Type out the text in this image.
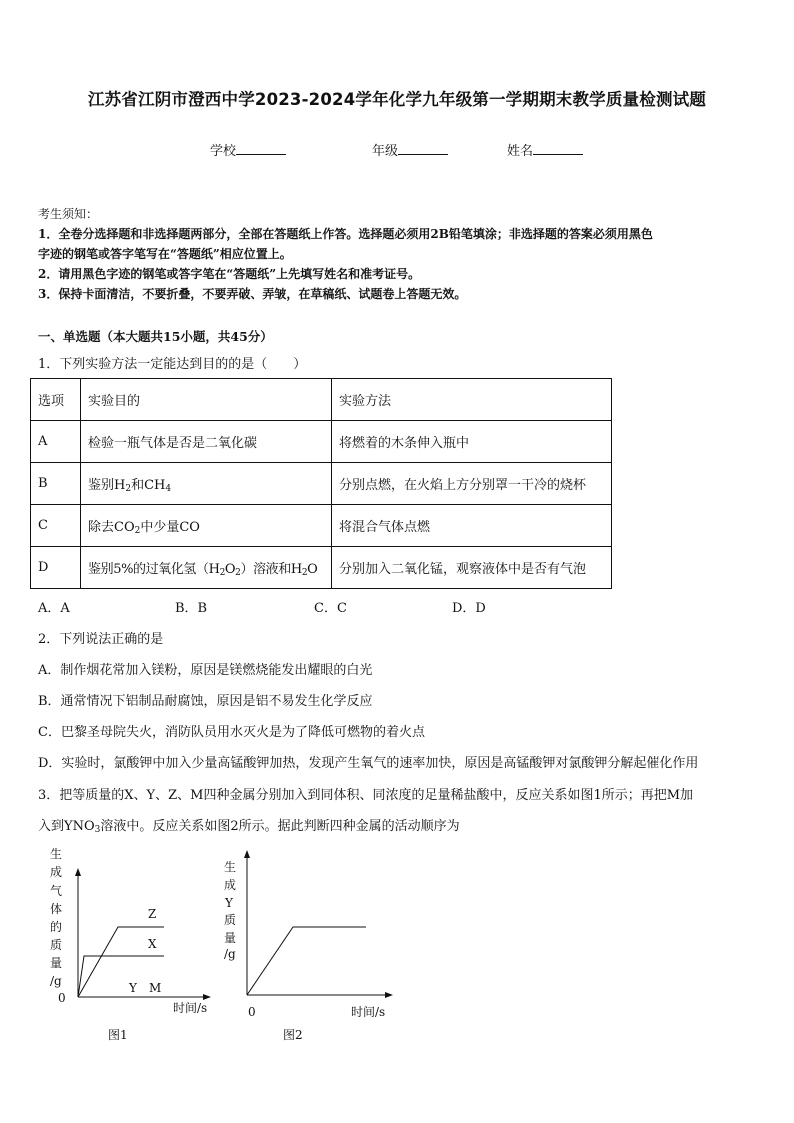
江苏省江阴市澄西中学2023-2024学年化学九年级第一学期期末教学质量检测试题
学校	年级	姓名
考生须知：
1．全卷分选择题和非选择题两部分，全部在答题纸上作答。选择题必须用2B铅笔填涂；非选择题的答案必须用黑色
字迹的钢笔或答字笔写在“答题纸”相应位置上。
2．请用黑色字迹的钢笔或答字笔在“答题纸”上先填写姓名和准考证号。
3．保持卡面清洁，不要折叠，不要弄破、弄皱，在草稿纸、试题卷上答题无效。
一、单选题（本大题共15小题，共45分）
1．下列实验方法一定能达到目的的是（　　）
选项	实验目的	实验方法
A	检验一瓶气体是否是二氧化碳	将燃着的木条伸入瓶中
B	鉴别$H_2$和$CH_4$	分别点燃，在火焰上方分别罩一干冷的烧杯
C	除去$CO_2$中少量CO	将混合气体点燃
D	鉴别5%的过氧化氢$(H_2O_2)$溶液和$H_2O$	分别加入二氧化锰，观察液体中是否有气泡
A．A	B．B	C．C	D．D
2．下列说法正确的是
A．制作烟花常加入镁粉，原因是镁燃烧能发出耀眼的白光
B．通常情况下铝制品耐腐蚀，原因是铝不易发生化学反应
C．巴黎圣母院失火，消防队员用水灭火是为了降低可燃物的着火点
D．实验时，氯酸钾中加入少量高锰酸钾加热，发现产生氧气的速率加快，原因是高锰酸钾对氯酸钾分解起催化作用
3．把等质量的X、Y、Z、M四种金属分别加入到同体积、同浓度的足量稀盐酸中，反应关系如图1所示；再把M加
入到$YNO_3$溶液中。反应关系如图2所示。据此判断四种金属的活动顺序为
生
成
气
体
的
质
量
/g
0
Z
X
Y M
时间/s
图1
生
成
Y
质
量
/g
0	时间/s
图2
